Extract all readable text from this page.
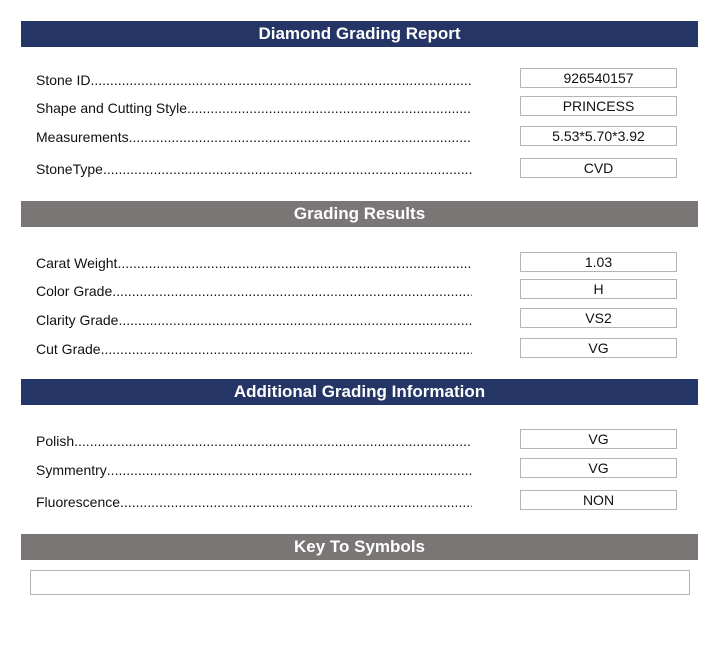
Diamond Grading Report
Stone ID .....	926540157
Shape and Cutting Style .....	PRINCESS
Measurements .....	5.53*5.70*3.92
StoneType .....	CVD
Grading Results
Carat Weight .....	1.03
Color Grade .....	H
Clarity Grade .....	VS2
Cut Grade .....	VG
Additional Grading Information
Polish .....	VG
Symmentry .....	VG
Fluorescence .....	NON
Key To Symbols
